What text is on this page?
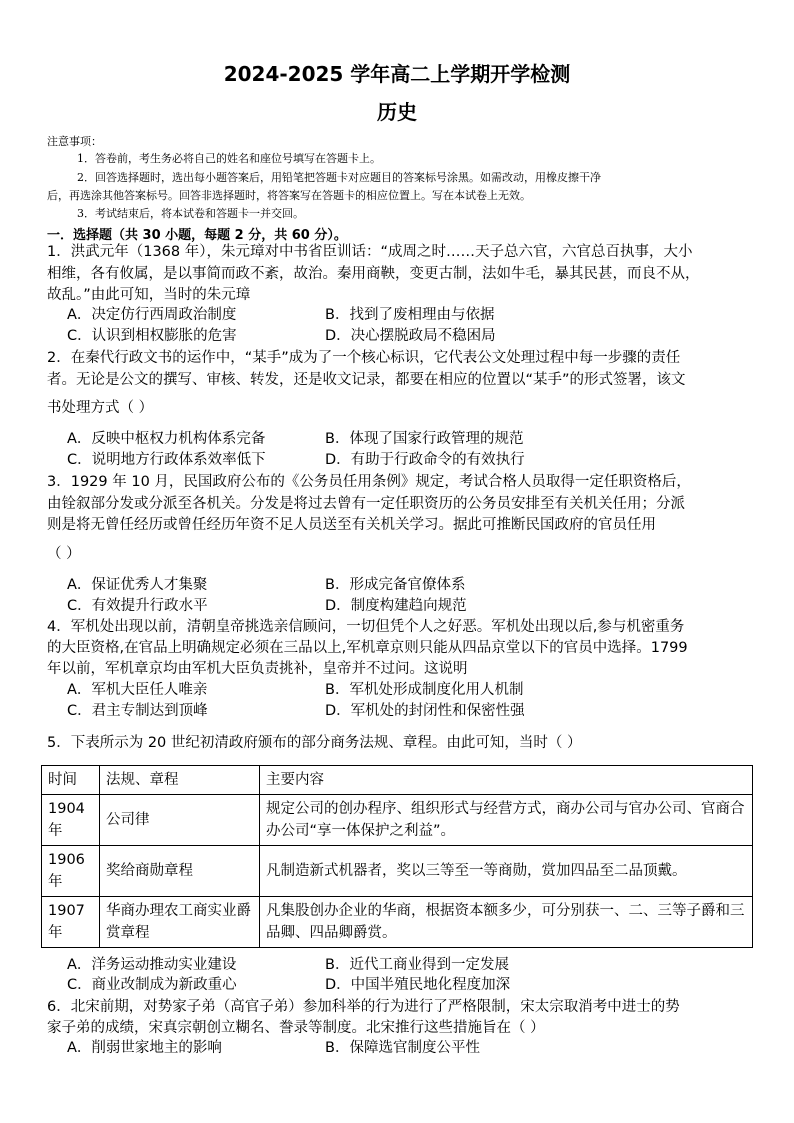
2024-2025 学年高二上学期开学检测
历史
注意事项：
1．答卷前，考生务必将自己的姓名和座位号填写在答题卡上。
2．回答选择题时，选出每小题答案后，用铅笔把答题卡对应题目的答案标号涂黑。如需改动，用橡皮擦干净
后，再选涂其他答案标号。回答非选择题时，将答案写在答题卡的相应位置上。写在本试卷上无效。
3．考试结束后，将本试卷和答题卡一并交回。
一．选择题（共 30 小题，每题 2 分，共 60 分）。
1．洪武元年（1368 年），朱元璋对中书省臣训话：“成周之时……天子总六官，六官总百执事，大小
相维，各有攸属，是以事简而政不紊，故治。秦用商鞅，变更古制，法如牛毛，暴其民甚，而良不从，
故乱。”由此可知，当时的朱元璋
A．决定仿行西周政治制度	B．找到了废相理由与依据
C．认识到相权膨胀的危害	D．决心摆脱政局不稳困局
2．在秦代行政文书的运作中，“某手”成为了一个核心标识，它代表公文处理过程中每一步骤的责任
者。无论是公文的撰写、审核、转发，还是收文记录，都要在相应的位置以“某手”的形式签署，该文
书处理方式（ ）
A．反映中枢权力机构体系完备	B．体现了国家行政管理的规范
C．说明地方行政体系效率低下	D．有助于行政命令的有效执行
3．1929 年 10 月，民国政府公布的《公务员任用条例》规定，考试合格人员取得一定任职资格后，
由铨叙部分发或分派至各机关。分发是将过去曾有一定任职资历的公务员安排至有关机关任用；分派
则是将无曾任经历或曾任经历年资不足人员送至有关机关学习。据此可推断民国政府的官员任用
（ ）
A．保证优秀人才集聚	B．形成完备官僚体系
C．有效提升行政水平	D．制度构建趋向规范
4．军机处出现以前，清朝皇帝挑选亲信顾问，一切但凭个人之好恶。军机处出现以后,参与机密重务
的大臣资格,在官品上明确规定必须在三品以上,军机章京则只能从四品京堂以下的官员中选择。1799
年以前，军机章京均由军机大臣负责挑补，皇帝并不过问。这说明
A．军机大臣任人唯亲	B．军机处形成制度化用人机制
C．君主专制达到顶峰	D．军机处的封闭性和保密性强
5．下表所示为 20 世纪初清政府颁布的部分商务法规、章程。由此可知，当时（ ）
时间	法规、章程	主要内容
1904 年	公司律	规定公司的创办程序、组织形式与经营方式，商办公司与官办公司、官商合办公司“享一体保护之利益”。
1906 年	奖给商勋章程	凡制造新式机器者，奖以三等至一等商勋，赏加四品至二品顶戴。
1907 年	华商办理农工商实业爵赏章程	凡集股创办企业的华商，根据资本额多少，可分别获一、二、三等子爵和三品卿、四品卿爵赏。
A．洋务运动推动实业建设	B．近代工商业得到一定发展
C．商业改制成为新政重心	D．中国半殖民地化程度加深
6．北宋前期，对势家子弟（高官子弟）参加科举的行为进行了严格限制，宋太宗取消考中进士的势
家子弟的成绩，宋真宗朝创立糊名、誊录等制度。北宋推行这些措施旨在（ ）
A．削弱世家地主的影响	B．保障选官制度公平性
